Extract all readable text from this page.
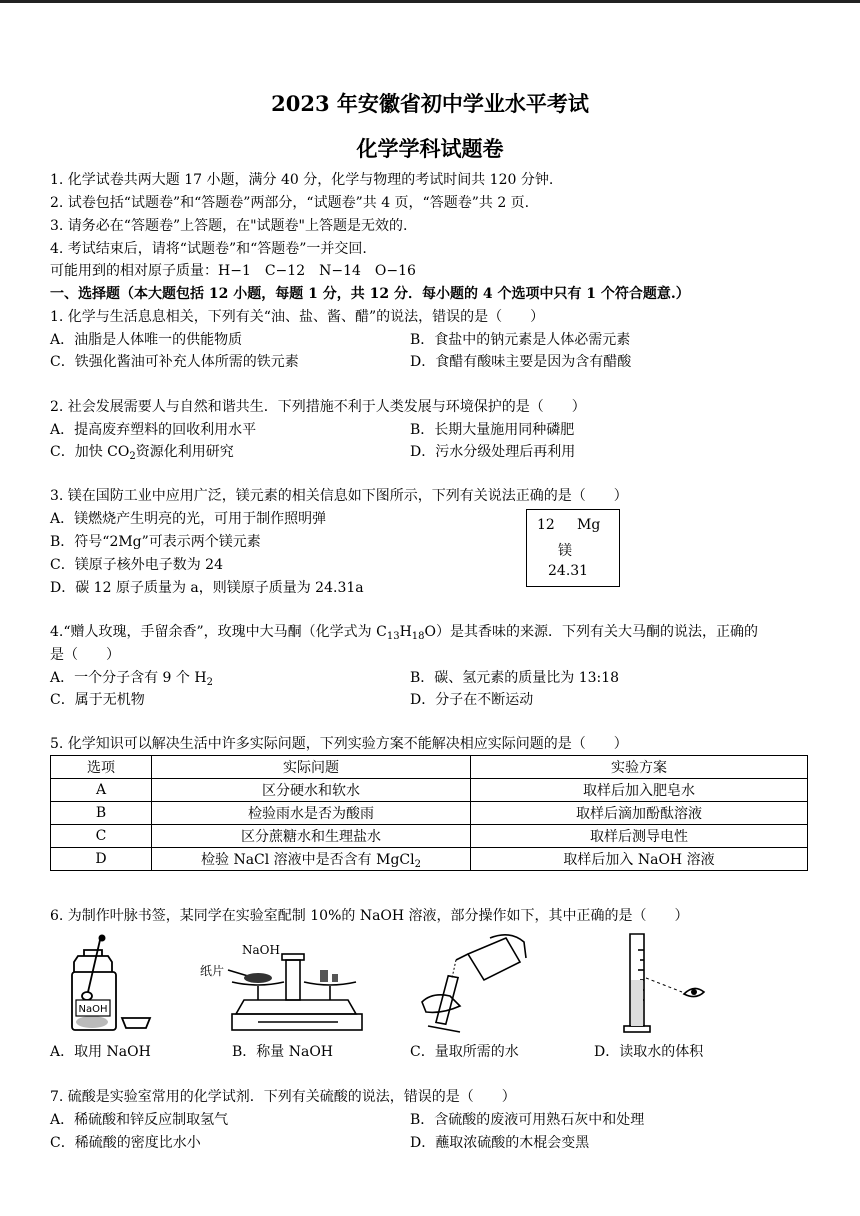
2023 年安徽省初中学业水平考试
化学学科试题卷
1. 化学试卷共两大题 17 小题，满分 40 分，化学与物理的考试时间共 120 分钟.
2. 试卷包括“试题卷”和“答题卷”两部分，“试题卷”共 4 页，“答题卷”共 2 页.
3. 请务必在“答题卷”上答题，在"试题卷"上答题是无效的.
4. 考试结束后，请将“试题卷”和“答题卷”一并交回.
可能用到的相对原子质量：H−1　C−12　N−14　O−16
一、选择题（本大题包括 12 小题，每题 1 分，共 12 分．每小题的 4 个选项中只有 1 个符合题意.）
1. 化学与生活息息相关，下列有关“油、盐、酱、醋”的说法，错误的是（　　）
A．油脂是人体唯一的供能物质	B．食盐中的钠元素是人体必需元素
C．铁强化酱油可补充人体所需的铁元素	D．食醋有酸味主要是因为含有醋酸
2. 社会发展需要人与自然和谐共生．下列措施不利于人类发展与环境保护的是（　　）
A．提高废弃塑料的回收利用水平	B．长期大量施用同种磷肥
C．加快 $CO_2$资源化利用研究	D．污水分级处理后再利用
3. 镁在国防工业中应用广泛，镁元素的相关信息如下图所示，下列有关说法正确的是（　　）
A．镁燃烧产生明亮的光，可用于制作照明弹
B．符号“2Mg”可表示两个镁元素
C．镁原子核外电子数为 24
D．碳 12 原子质量为 a，则镁原子质量为 24.31a
12 Mg
镁
24.31
4.“赠人玫瑰，手留余香”，玫瑰中大马酮（化学式为 $C_{13}H_{18}O$）是其香味的来源．下列有关大马酮的说法，正确的
是（　　）
A．一个分子含有 9 个 $H_2$	B．碳、氢元素的质量比为 13:18
C．属于无机物	D．分子在不断运动
5. 化学知识可以解决生活中许多实际问题，下列实验方案不能解决相应实际问题的是（　　）
选项	实际问题	实验方案
A	区分硬水和软水	取样后加入肥皂水
B	检验雨水是否为酸雨	取样后滴加酚酞溶液
C	区分蔗糖水和生理盐水	取样后测导电性
D	检验 NaCl 溶液中是否含有 MgCl$_2$	取样后加入 NaOH 溶液
6. 为制作叶脉书签，某同学在实验室配制 10%的 NaOH 溶液，部分操作如下，其中正确的是（　　）
NaOH
NaOH
纸片
A．取用 NaOH	B．称量 NaOH	C．量取所需的水	D．读取水的体积
7. 硫酸是实验室常用的化学试剂．下列有关硫酸的说法，错误的是（　　）
A．稀硫酸和锌反应制取氢气	B．含硫酸的废液可用熟石灰中和处理
C．稀硫酸的密度比水小	D．蘸取浓硫酸的木棍会变黑
